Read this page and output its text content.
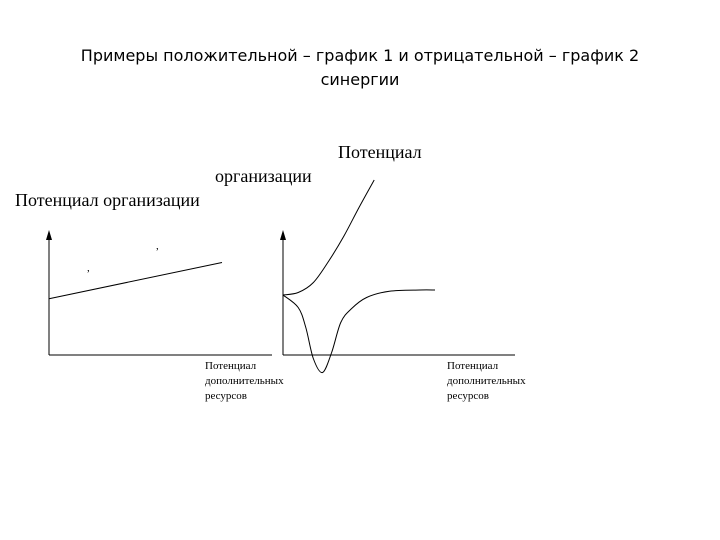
Примеры положительной – график 1 и отрицательной – график 2
синергии
Потенциал
организации
Потенциал организации
Потенциал дополнительных ресурсов
Потенциал дополнительных ресурсов
,
,
